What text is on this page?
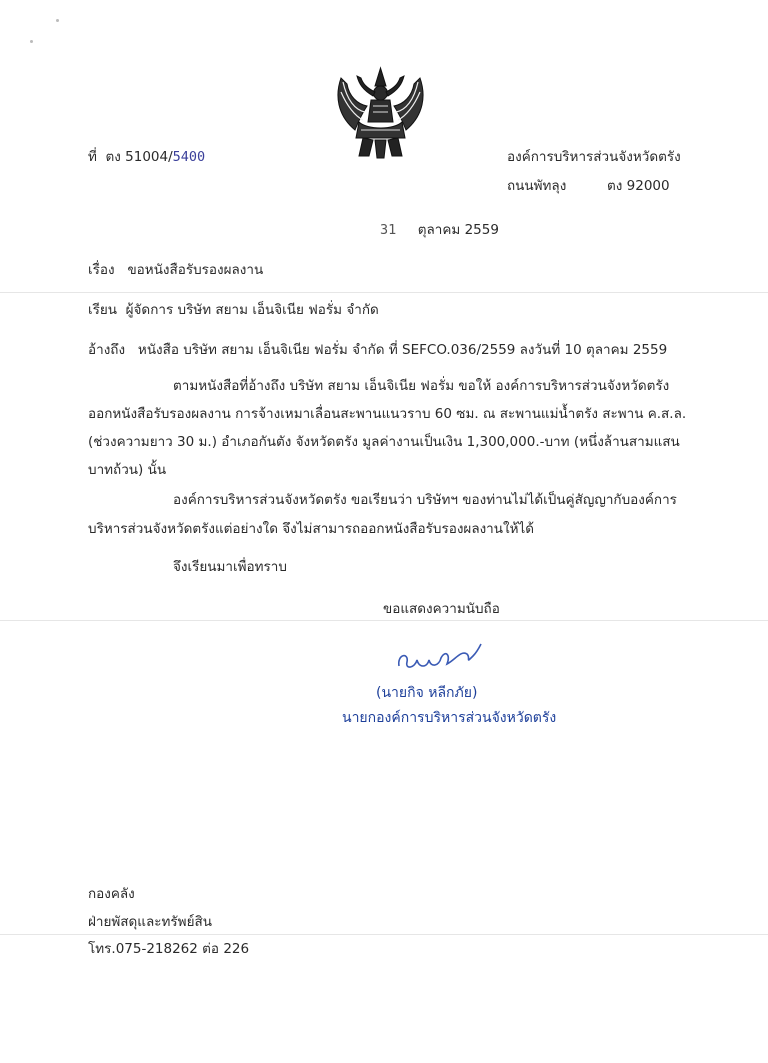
ที่ ตง 51004/5400	องค์การบริหารส่วนจังหวัดตรัง
ถนนพัทลุง	ตง 92000
31 ตุลาคม 2559
เรื่อง ขอหนังสือรับรองผลงาน
เรียน ผู้จัดการ บริษัท สยาม เอ็นจิเนีย ฟอรั่ม จำกัด
อ้างถึง หนังสือ บริษัท สยาม เอ็นจิเนีย ฟอรั่ม จำกัด ที่ SEFCO.036/2559 ลงวันที่ 10 ตุลาคม 2559
ตามหนังสือที่อ้างถึง บริษัท สยาม เอ็นจิเนีย ฟอรั่ม ขอให้ องค์การบริหารส่วนจังหวัดตรัง
ออกหนังสือรับรองผลงาน การจ้างเหมาเลื่อนสะพานแนวราบ 60 ซม. ณ สะพานแม่น้ำตรัง สะพาน ค.ส.ล.
(ช่วงความยาว 30 ม.) อำเภอกันตัง จังหวัดตรัง มูลค่างานเป็นเงิน 1,300,000.-บาท (หนึ่งล้านสามแสน
บาทถ้วน) นั้น
องค์การบริหารส่วนจังหวัดตรัง ขอเรียนว่า บริษัทฯ ของท่านไม่ได้เป็นคู่สัญญากับองค์การ
บริหารส่วนจังหวัดตรังแต่อย่างใด จึงไม่สามารถออกหนังสือรับรองผลงานให้ได้
จึงเรียนมาเพื่อทราบ
ขอแสดงความนับถือ
(นายกิจ หลีกภัย)
นายกองค์การบริหารส่วนจังหวัดตรัง
กองคลัง
ฝ่ายพัสดุและทรัพย์สิน
โทร.075-218262 ต่อ 226
